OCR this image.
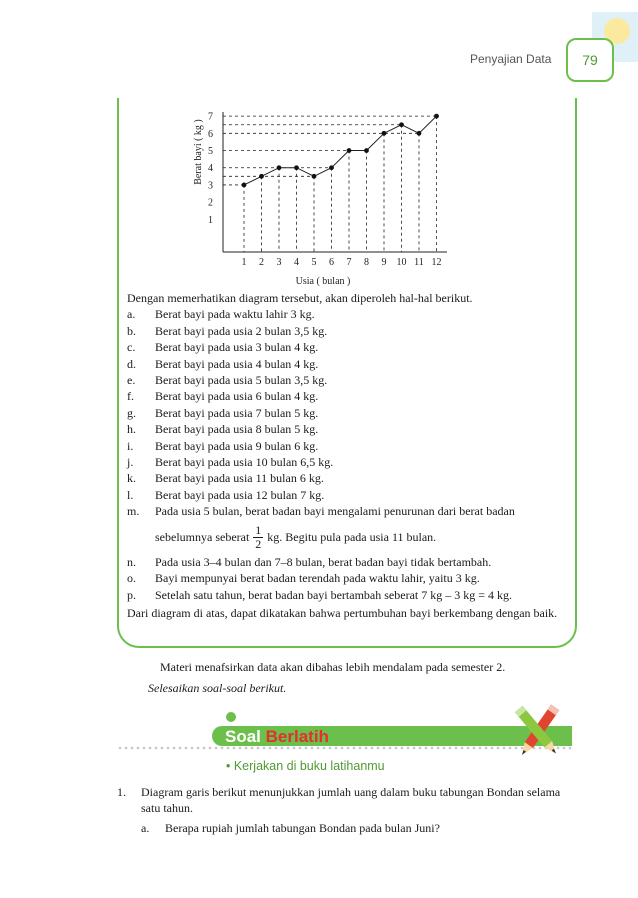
Penyajian Data	79
1 2 3 4 5 6 7 8 9 10 11 12
1
2
3
4
5
6
7
Usia ( bulan )
Berat bayi ( kg )
Dengan memerhatikan diagram tersebut, akan diperoleh hal-hal berikut.
a.	Berat bayi pada waktu lahir 3 kg.
b.	Berat bayi pada usia 2 bulan 3,5 kg.
c.	Berat bayi pada usia 3 bulan 4 kg.
d.	Berat bayi pada usia 4 bulan 4 kg.
e.	Berat bayi pada usia 5 bulan 3,5 kg.
f.	Berat bayi pada usia 6 bulan 4 kg.
g.	Berat bayi pada usia 7 bulan 5 kg.
h.	Berat bayi pada usia 8 bulan 5 kg.
i.	Berat bayi pada usia 9 bulan 6 kg.
j.	Berat bayi pada usia 10 bulan 6,5 kg.
k.	Berat bayi pada usia 11 bulan 6 kg.
l.	Berat bayi pada usia 12 bulan 7 kg.
m.	Pada usia 5 bulan, berat badan bayi mengalami penurunan dari berat badan
sebelumnya seberat $\frac{1}{2}$ kg. Begitu pula pada usia 11 bulan.
n.	Pada usia 3–4 bulan dan 7–8 bulan, berat badan bayi tidak bertambah.
o.	Bayi mempunyai berat badan terendah pada waktu lahir, yaitu 3 kg.
p.	Setelah satu tahun, berat badan bayi bertambah seberat 7 kg – 3 kg = 4 kg.
Dari diagram di atas, dapat dikatakan bahwa pertumbuhan bayi berkembang dengan baik.
Materi menafsirkan data akan dibahas lebih mendalam pada semester 2.
Selesaikan soal-soal berikut.
Soal Berlatih
• Kerjakan di buku latihanmu
1.	Diagram garis berikut menunjukkan jumlah uang dalam buku tabungan Bondan selama satu tahun.
a.	Berapa rupiah jumlah tabungan Bondan pada bulan Juni?
